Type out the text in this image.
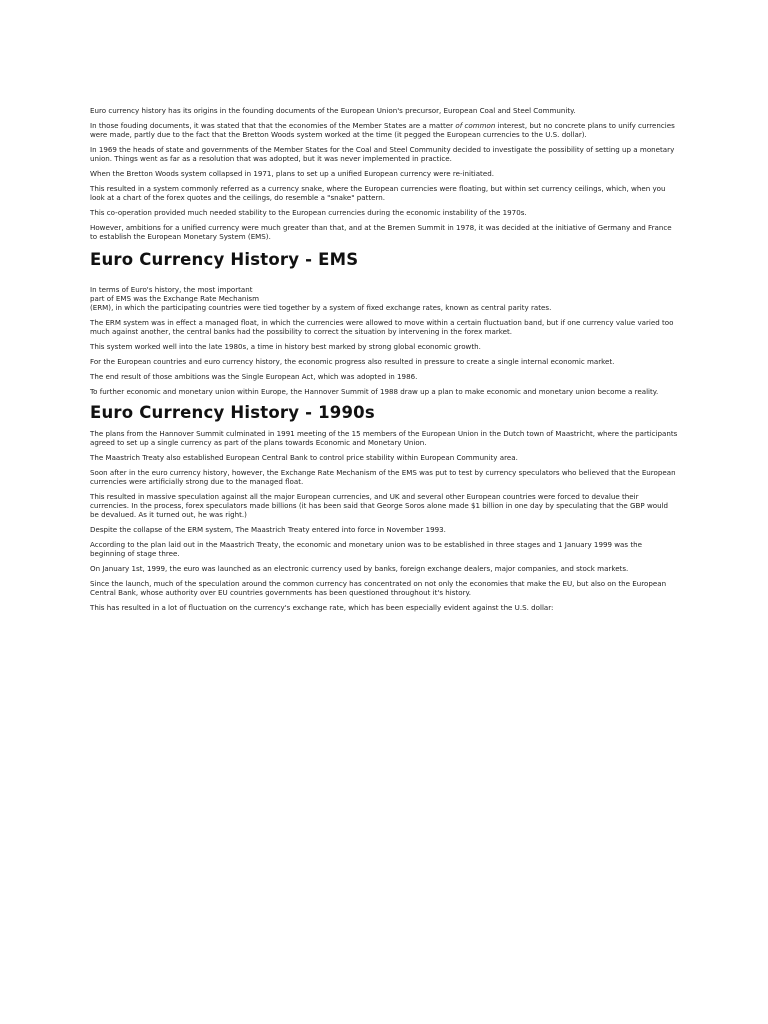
Euro currency history has its origins in the founding documents of the European Union's precursor, European Coal and Steel Community.

In those fouding documents, it was stated that that the economies of the Member States are a matter of common interest, but no concrete plans to unify currencies were made, partly due to the fact that the Bretton Woods system worked at the time (it pegged the European currencies to the U.S. dollar).

In 1969 the heads of state and governments of the Member States for the Coal and Steel Community decided to investigate the possibility of setting up a monetary union. Things went as far as a resolution that was adopted, but it was never implemented in practice.

When the Bretton Woods system collapsed in 1971, plans to set up a unified European currency were re-initiated.

This resulted in a system commonly referred as a currency snake, where the European currencies were floating, but within set currency ceilings, which, when you look at a chart of the forex quotes and the ceilings, do resemble a "snake" pattern.

This co-operation provided much needed stability to the European currencies during the economic instability of the 1970s.

However, ambitions for a unified currency were much greater than that, and at the Bremen Summit in 1978, it was decided at the initiative of Germany and France to establish the European Monetary System (EMS).

Euro Currency History - EMS

In terms of Euro's history, the most important
part of EMS was the Exchange Rate Mechanism
(ERM), in which the participating countries were tied together by a system of fixed exchange rates, known as central parity rates.

The ERM system was in effect a managed float, in which the currencies were allowed to move within a certain fluctuation band, but if one currency value varied too much against another, the central banks had the possibility to correct the situation by intervening in the forex market.

This system worked well into the late 1980s, a time in history best marked by strong global economic growth.

For the European countries and euro currency history, the economic progress also resulted in pressure to create a single internal economic market.

The end result of those ambitions was the Single European Act, which was adopted in 1986.

To further economic and monetary union within Europe, the Hannover Summit of 1988 draw up a plan to make economic and monetary union become a reality.

Euro Currency History - 1990s

The plans from the Hannover Summit culminated in 1991 meeting of the 15 members of the European Union in the Dutch town of Maastricht, where the participants agreed to set up a single currency as part of the plans towards Economic and Monetary Union.

The Maastrich Treaty also established European Central Bank to control price stability within European Community area.

Soon after in the euro currency history, however, the Exchange Rate Mechanism of the EMS was put to test by currency speculators who believed that the European currencies were artificially strong due to the managed float.

This resulted in massive speculation against all the major European currencies, and UK and several other European countries were forced to devalue their currencies. In the process, forex speculators made billions (it has been said that George Soros alone made $1 billion in one day by speculating that the GBP would be devalued. As it turned out, he was right.)

Despite the collapse of the ERM system, The Maastrich Treaty entered into force in November 1993.

According to the plan laid out in the Maastrich Treaty, the economic and monetary union was to be established in three stages and 1 January 1999 was the beginning of stage three.

On January 1st, 1999, the euro was launched as an electronic currency used by banks, foreign exchange dealers, major companies, and stock markets.

Since the launch, much of the speculation around the common currency has concentrated on not only the economies that make the EU, but also on the European Central Bank, whose authority over EU countries governments has been questioned throughout it's history.

This has resulted in a lot of fluctuation on the currency's exchange rate, which has been especially evident against the U.S. dollar:
